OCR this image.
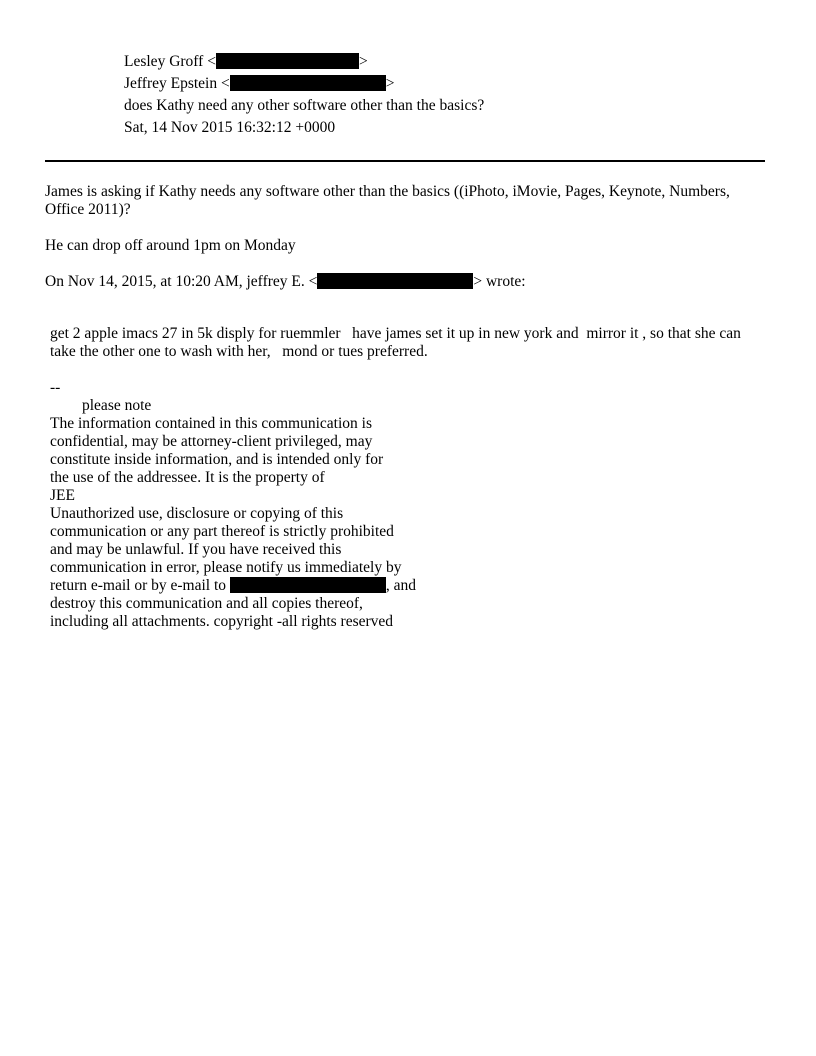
Lesley Groff <	>
Jeffrey Epstein <	>
does Kathy need any other software other than the basics?
Sat, 14 Nov 2015 16:32:12 +0000
James is asking if Kathy needs any software other than the basics ((iPhoto, iMovie, Pages, Keynote, Numbers, Office 2011)?
He can drop off around 1pm on Monday
On Nov 14, 2015, at 10:20 AM, jeffrey E. <	> wrote:
get 2 apple imacs 27 in 5k disply for ruemmler   have james set it up in new york and  mirror it , so that she can take the other one to wash with her,   mond or tues preferred.
--
please note
The information contained in this communication is
confidential, may be attorney-client privileged, may
constitute inside information, and is intended only for
the use of the addressee. It is the property of
JEE
Unauthorized use, disclosure or copying of this
communication or any part thereof is strictly prohibited
and may be unlawful. If you have received this
communication in error, please notify us immediately by
return e-mail or by e-mail to	, and
destroy this communication and all copies thereof,
including all attachments. copyright -all rights reserved
